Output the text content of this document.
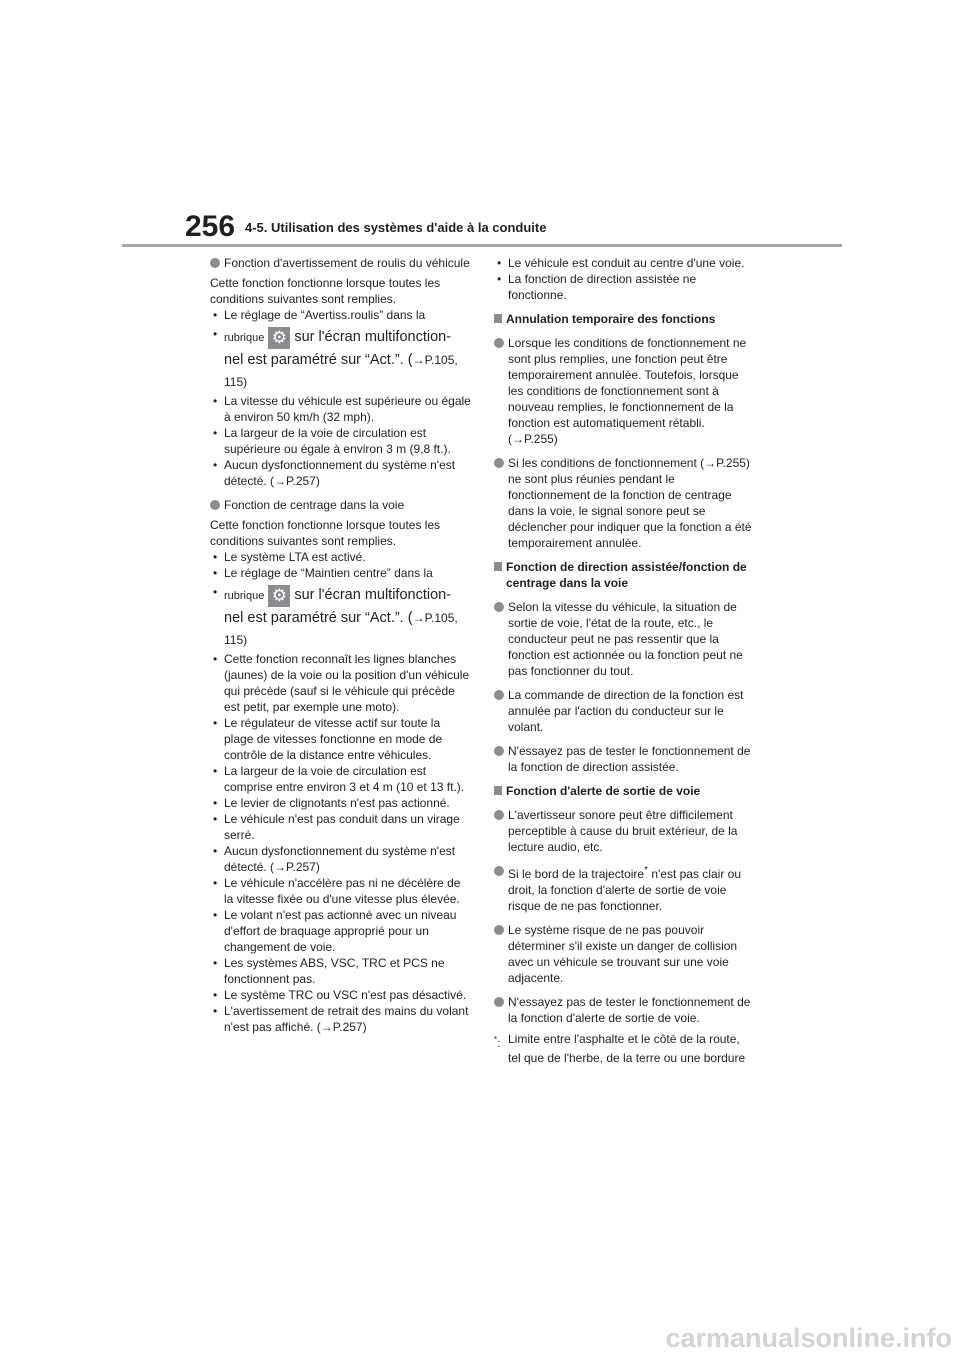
256 4-5. Utilisation des systèmes d'aide à la conduite
Fonction d'avertissement de roulis du véhicule
Cette fonction fonctionne lorsque toutes les conditions suivantes sont remplies.
• Le réglage de “Avertiss.roulis” dans la
• rubrique ⚙ sur l'écran multifonction-
nel est paramétré sur “Act.”. (→P.105, 115)
• La vitesse du véhicule est supérieure ou égale à environ 50 km/h (32 mph).
• La largeur de la voie de circulation est supérieure ou égale à environ 3 m (9,8 ft.).
• Aucun dysfonctionnement du système n'est détecté. (→P.257)
Fonction de centrage dans la voie
Cette fonction fonctionne lorsque toutes les conditions suivantes sont remplies.
• Le système LTA est activé.
• Le réglage de “Maintien centre” dans la
• rubrique ⚙ sur l'écran multifonction-
nel est paramétré sur “Act.”. (→P.105, 115)
• Cette fonction reconnaît les lignes blanches (jaunes) de la voie ou la position d'un véhicule qui précède (sauf si le véhicule qui précède est petit, par exemple une moto).
• Le régulateur de vitesse actif sur toute la plage de vitesses fonctionne en mode de contrôle de la distance entre véhicules.
• La largeur de la voie de circulation est comprise entre environ 3 et 4 m (10 et 13 ft.).
• Le levier de clignotants n'est pas actionné.
• Le véhicule n'est pas conduit dans un virage serré.
• Aucun dysfonctionnement du système n'est détecté. (→P.257)
• Le véhicule n'accélère pas ni ne décélère de la vitesse fixée ou d'une vitesse plus élevée.
• Le volant n'est pas actionné avec un niveau d'effort de braquage approprié pour un changement de voie.
• Les systèmes ABS, VSC, TRC et PCS ne fonctionnent pas.
• Le système TRC ou VSC n'est pas désactivé.
• L'avertissement de retrait des mains du volant n'est pas affiché. (→P.257)
• Le véhicule est conduit au centre d'une voie.
• La fonction de direction assistée ne fonctionne.
Annulation temporaire des fonctions
Lorsque les conditions de fonctionnement ne sont plus remplies, une fonction peut être temporairement annulée. Toutefois, lorsque les conditions de fonctionnement sont à nouveau remplies, le fonctionnement de la fonction est automatiquement rétabli. (→P.255)
Si les conditions de fonctionnement (→P.255) ne sont plus réunies pendant le fonctionnement de la fonction de centrage dans la voie, le signal sonore peut se déclencher pour indiquer que la fonction a été temporairement annulée.
Fonction de direction assistée/fonction de centrage dans la voie
Selon la vitesse du véhicule, la situation de sortie de voie, l'état de la route, etc., le conducteur peut ne pas ressentir que la fonction est actionnée ou la fonction peut ne pas fonctionner du tout.
La commande de direction de la fonction est annulée par l'action du conducteur sur le volant.
N'essayez pas de tester le fonctionnement de la fonction de direction assistée.
Fonction d'alerte de sortie de voie
L'avertisseur sonore peut être difficilement perceptible à cause du bruit extérieur, de la lecture audio, etc.
Si le bord de la trajectoire* n'est pas clair ou droit, la fonction d'alerte de sortie de voie risque de ne pas fonctionner.
Le système risque de ne pas pouvoir déterminer s'il existe un danger de collision avec un véhicule se trouvant sur une voie adjacente.
N'essayez pas de tester le fonctionnement de la fonction d'alerte de sortie de voie.
*: Limite entre l'asphalte et le côté de la route, tel que de l'herbe, de la terre ou une bordure
carmanualsonline.info
